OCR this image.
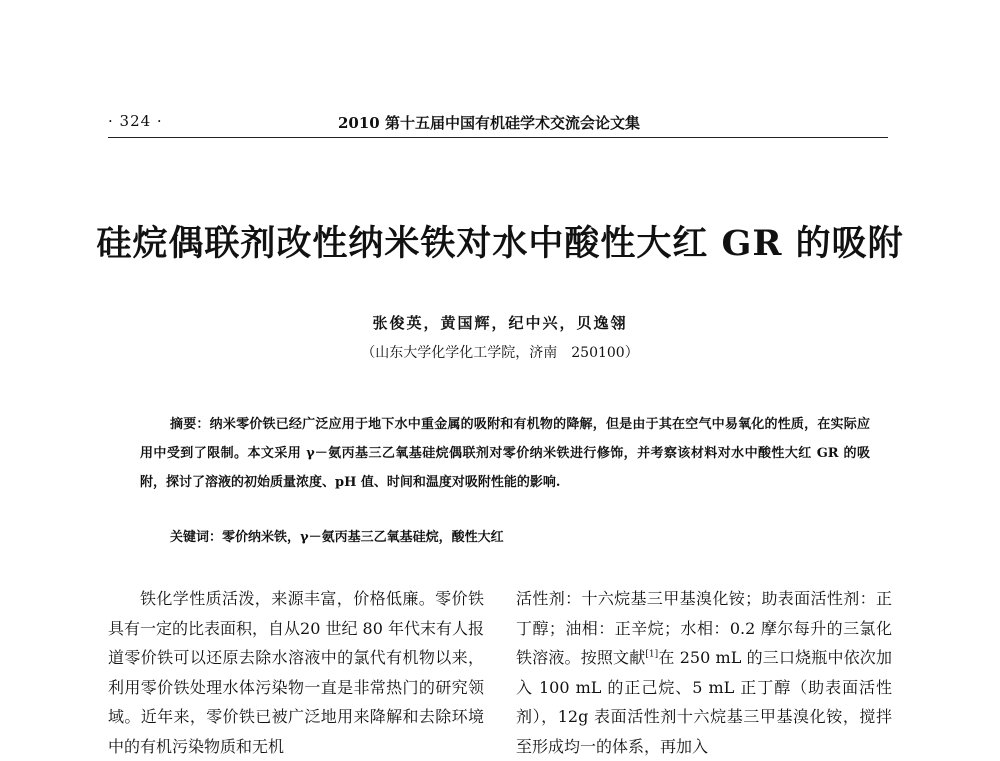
· 324 ·	2010 第十五届中国有机硅学术交流会论文集
硅烷偶联剂改性纳米铁对水中酸性大红 GR 的吸附
张俊英，黄国辉，纪中兴，贝逸翎
（山东大学化学化工学院，济南　250100）
摘要：纳米零价铁已经广泛应用于地下水中重金属的吸附和有机物的降解，但是由于其在空气中易氧化的性质，在实际应用中受到了限制。本文采用 γ－氨丙基三乙氧基硅烷偶联剂对零价纳米铁进行修饰，并考察该材料对水中酸性大红 GR 的吸附，探讨了溶液的初始质量浓度、pH 值、时间和温度对吸附性能的影响.
关键词：零价纳米铁，γ－氨丙基三乙氧基硅烷，酸性大红

铁化学性质活泼，来源丰富，价格低廉。零价铁具有一定的比表面积，自从20 世纪 80 年代末有人报道零价铁可以还原去除水溶液中的氯代有机物以来，利用零价铁处理水体污染物一直是非常热门的研究领域。近年来，零价铁已被广泛地用来降解和去除环境中的有机污染物质和无机

活性剂：十六烷基三甲基溴化铵；助表面活性剂：正丁醇；油相：正辛烷；水相：0.2 摩尔每升的三氯化铁溶液。按照文献[1]在 250 mL 的三口烧瓶中依次加入 100 mL 的正己烷、5 mL 正丁醇（助表面活性剂），12g 表面活性剂十六烷基三甲基溴化铵，搅拌至形成均一的体系，再加入
